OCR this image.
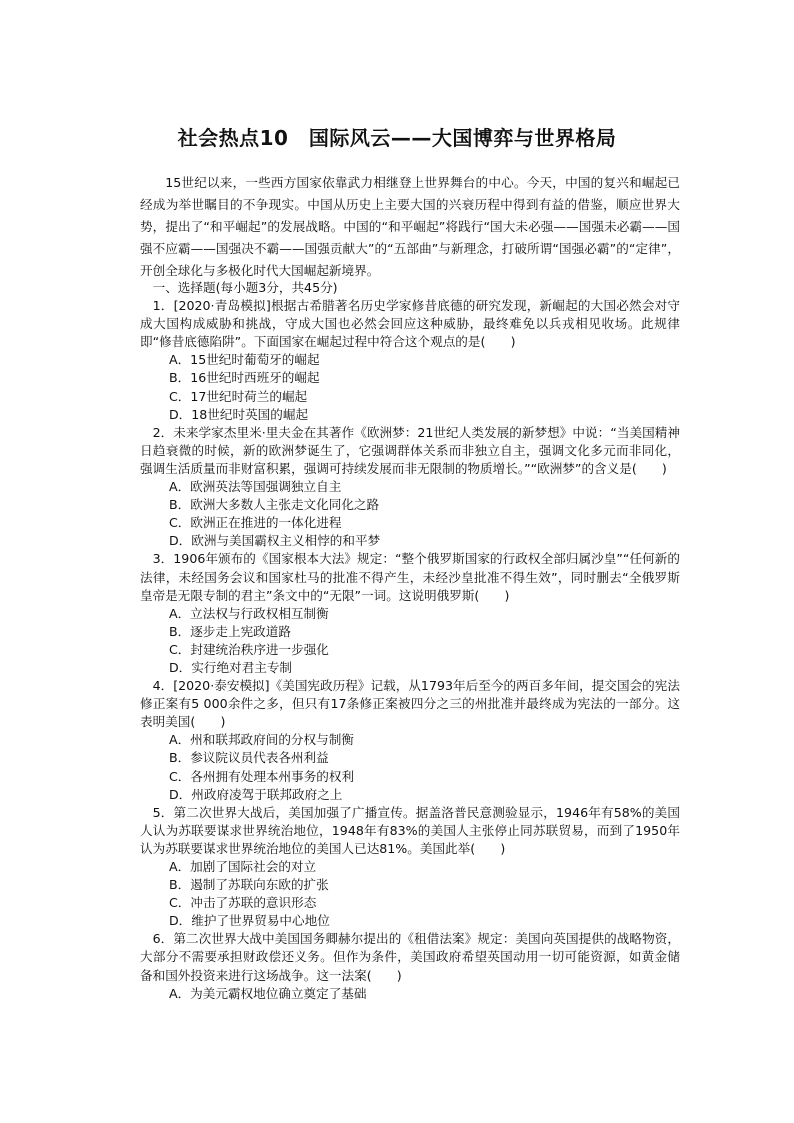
社会热点10　国际风云——大国博弈与世界格局
15世纪以来，一些西方国家依靠武力相继登上世界舞台的中心。今天，中国的复兴和崛起已经成为举世瞩目的不争现实。中国从历史上主要大国的兴衰历程中得到有益的借鉴，顺应世界大势，提出了“和平崛起”的发展战略。中国的“和平崛起”将践行“国大未必强——国强未必霸——国强不应霸——国强决不霸——国强贡献大”的“五部曲”与新理念，打破所谓“国强必霸”的“定律”，开创全球化与多极化时代大国崛起新境界。

一、选择题(每小题3分，共45分)

1．[2020·青岛模拟]根据古希腊著名历史学家修昔底德的研究发现，新崛起的大国必然会对守成大国构成威胁和挑战，守成大国也必然会回应这种威胁，最终难免以兵戎相见收场。此规律即“修昔底德陷阱”。下面国家在崛起过程中符合这个观点的是(　　)

A．15世纪时葡萄牙的崛起

B．16世纪时西班牙的崛起

C．17世纪时荷兰的崛起

D．18世纪时英国的崛起

2．未来学家杰里米·里夫金在其著作《欧洲梦：21世纪人类发展的新梦想》中说：“当美国精神日趋衰微的时候，新的欧洲梦诞生了，它强调群体关系而非独立自主，强调文化多元而非同化，强调生活质量而非财富积累，强调可持续发展而非无限制的物质增长。”“欧洲梦”的含义是(　　)

A．欧洲英法等国强调独立自主

B．欧洲大多数人主张走文化同化之路

C．欧洲正在推进的一体化进程

D．欧洲与美国霸权主义相悖的和平梦

3．1906年颁布的《国家根本大法》规定：“整个俄罗斯国家的行政权全部归属沙皇”“任何新的法律，未经国务会议和国家杜马的批准不得产生，未经沙皇批准不得生效”，同时删去“全俄罗斯皇帝是无限专制的君主”条文中的“无限”一词。这说明俄罗斯(　　)

A．立法权与行政权相互制衡

B．逐步走上宪政道路

C．封建统治秩序进一步强化

D．实行绝对君主专制

4．[2020·泰安模拟]《美国宪政历程》记载，从1793年后至今的两百多年间，提交国会的宪法修正案有5 000余件之多，但只有17条修正案被四分之三的州批准并最终成为宪法的一部分。这表明美国(　　)

A．州和联邦政府间的分权与制衡

B．参议院议员代表各州利益

C．各州拥有处理本州事务的权利

D．州政府凌驾于联邦政府之上

5．第二次世界大战后，美国加强了广播宣传。据盖洛普民意测验显示，1946年有58%的美国人认为苏联要谋求世界统治地位，1948年有83%的美国人主张停止同苏联贸易，而到了1950年认为苏联要谋求世界统治地位的美国人已达81%。美国此举(　　)

A．加剧了国际社会的对立

B．遏制了苏联向东欧的扩张

C．冲击了苏联的意识形态

D．维护了世界贸易中心地位

6．第二次世界大战中美国国务卿赫尔提出的《租借法案》规定：美国向英国提供的战略物资，大部分不需要承担财政偿还义务。但作为条件，美国政府希望英国动用一切可能资源，如黄金储备和国外投资来进行这场战争。这一法案(　　)

A．为美元霸权地位确立奠定了基础
